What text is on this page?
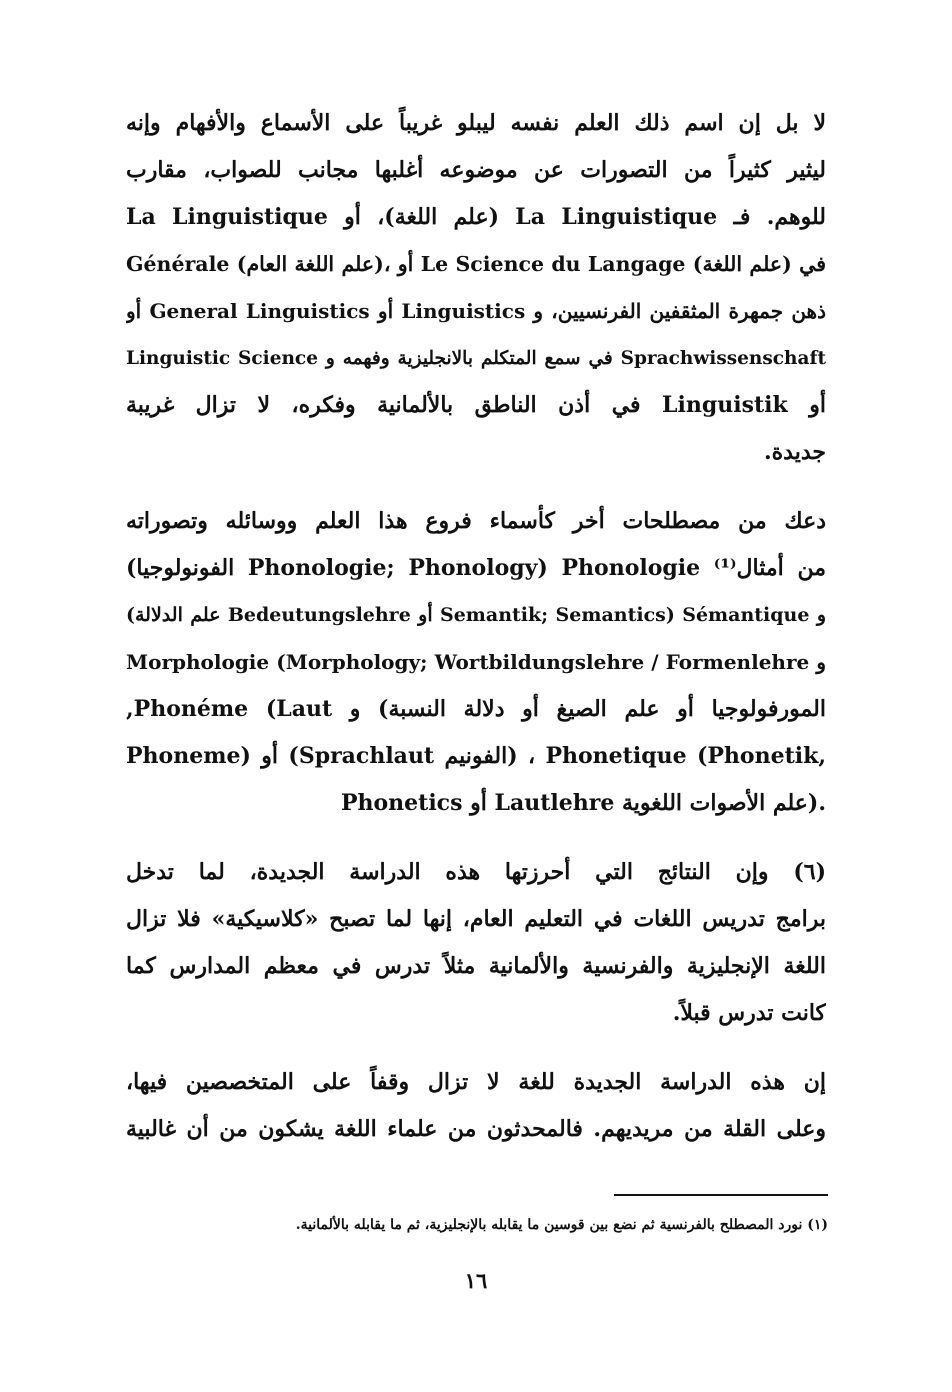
لا بل إن اسم ذلك العلم نفسه ليبلو غريباً على الأسماع والأفهام وإنه
ليثير كثيراً من التصورات عن موضوعه أغلبها مجانب للصواب، مقارب
للوهم. فـ La Linguistique (علم اللغة)، أو La Linguistique
Générale (علم اللغة العام)، أو Le Science du Langage (علم اللغة) في
ذهن جمهرة المثقفين الفرنسيين، و Linguistics أو General Linguistics أو
Linguistic Science في سمع المتكلم بالانجليزية وفهمه و Sprachwissenschaft
أو Linguistik في أذن الناطق بالألمانية وفكره، لا تزال غريبة
جديدة.
دعك من مصطلحات أخر كأسماء فروع هذا العلم ووسائله وتصوراته
من أمثال⁽¹⁾ Phonologie (Phonologie; Phonology الفونولوجيا)
و Sémantique (Semantik; Semantics أو Bedeutungslehre علم الدلالة)
و Morphologie (Morphology; Wortbildungslehre / Formenlehre
المورفولوجيا أو علم الصيغ أو دلالة النسبة) و Phonéme (Laut,
Phoneme) أو (Sprachlaut الفونيم) ، Phonetique (Phonetik,
Phonetics أو Lautlehre علم الأصوات اللغوية).
(٦) وإن النتائج التي أحرزتها هذه الدراسة الجديدة، لما تدخل
برامج تدريس اللغات في التعليم العام، إنها لما تصبح «كلاسيكية» فلا تزال
اللغة الإنجليزية والفرنسية والألمانية مثلاً تدرس في معظم المدارس كما
كانت تدرس قبلاً.
إن هذه الدراسة الجديدة للغة لا تزال وقفاً على المتخصصين فيها،
وعلى القلة من مريديهم. فالمحدثون من علماء اللغة يشكون من أن غالبية
(١) نورد المصطلح بالفرنسية ثم نضع بين قوسين ما يقابله بالإنجليزية، ثم ما يقابله بالألمانية.
١٦
